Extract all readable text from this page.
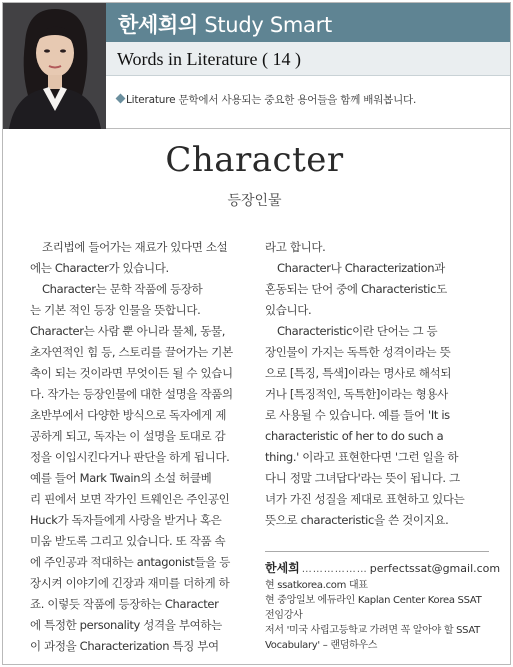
한세희의 Study Smart
Words in Literature ( 14 )
Literature 문학에서 사용되는 중요한 용어들을 함께 배워봅니다.
Character
등장인물
조리법에 들어가는 재료가 있다면 소설
에는 Character가 있습니다.
Character는 문학 작품에 등장하
는 기본 적인 등장 인물을 뜻합니다.
Character는 사람 뿐 아니라 물체, 동물,
초자연적인 힘 등, 스토리를 끌어가는 기본
축이 되는 것이라면 무엇이든 될 수 있습니
다. 작가는 등장인물에 대한 설명을 작품의
초반부에서 다양한 방식으로 독자에게 제
공하게 되고, 독자는 이 설명을 토대로 감
정을 이입시킨다거나 판단을 하게 됩니다.
예를 들어 Mark Twain의 소설 허클베
리 핀에서 보면 작가인 트웨인은 주인공인
Huck가 독자들에게 사랑을 받거나 혹은
미움 받도록 그리고 있습니다. 또 작품 속
에 주인공과 적대하는 antagonist들을 등
장시켜 이야기에 긴장과 재미를 더하게 하
죠. 이렇듯 작품에 등장하는 Character
에 특정한 personality 성격을 부여하는
이 과정을 Characterization 특징 부여
라고 합니다.
Character나 Characterization과
혼동되는 단어 중에 Characteristic도
있습니다.
Characteristic이란 단어는 그 등
장인물이 가지는 독특한 성격이라는 뜻
으로 [특징, 특색]이라는 명사로 해석되
거나 [특징적인, 독특한]이라는 형용사
로 사용될 수 있습니다. 예를 들어 'It is
characteristic of her to do such a
thing.' 이라고 표현한다면 '그런 일을 하
다니 정말 그녀답다'라는 뜻이 됩니다. 그
녀가 가진 성질을 제대로 표현하고 있다는
뜻으로 characteristic을 쓴 것이지요.
한세희 ……………… perfectssat@gmail.com
현 ssatkorea.com 대표
현 중앙일보 에듀라인 Kaplan Center Korea SSAT
전임강사
저서 '미국 사립고등학교 가려면 꼭 알아야 할 SSAT
Vocabulary' – 랜덤하우스
